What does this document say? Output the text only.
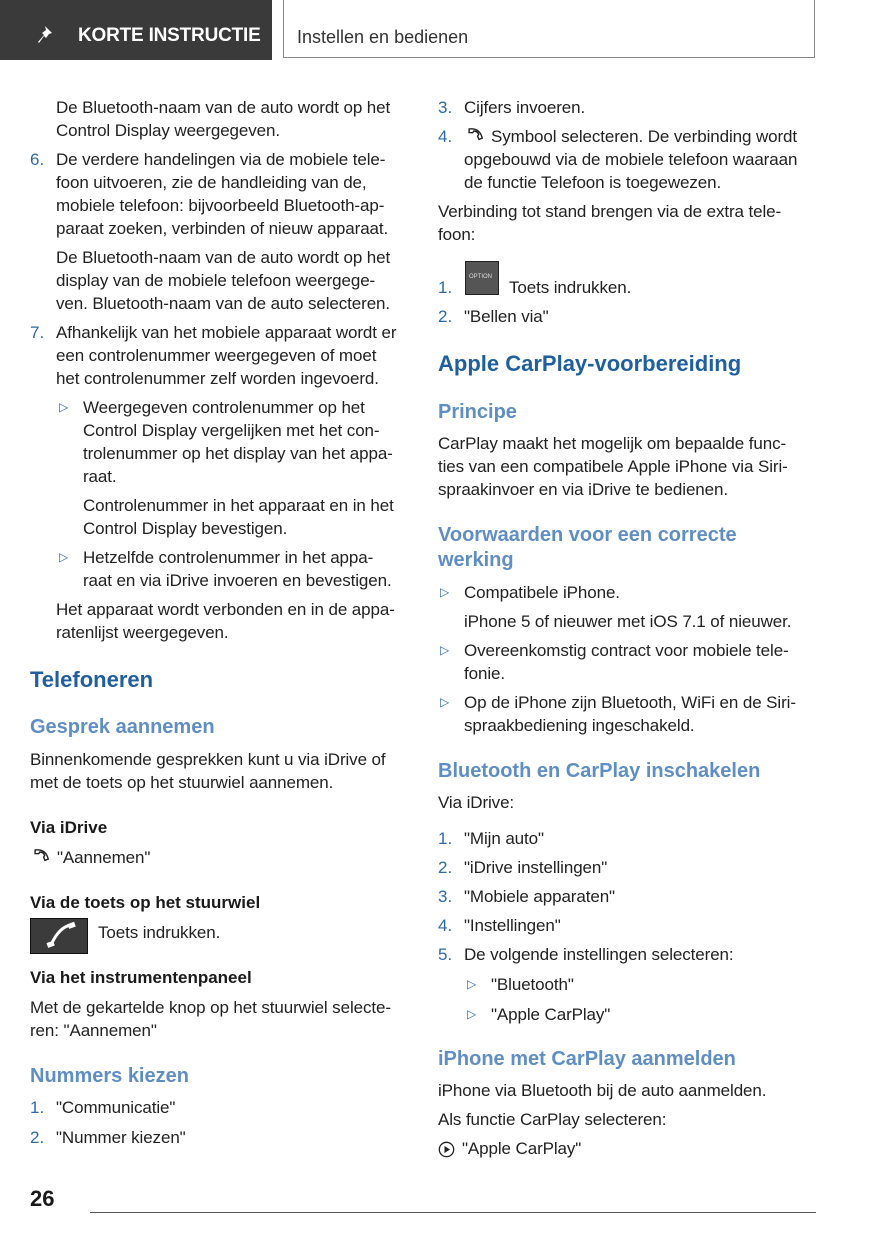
KORTE INSTRUCTIE Instellen en bedienen
De Bluetooth-naam van de auto wordt op het
Control Display weergegeven.
6. De verdere handelingen via de mobiele tele-
foon uitvoeren, zie de handleiding van de,
mobiele telefoon: bijvoorbeeld Bluetooth-ap-
paraat zoeken, verbinden of nieuw apparaat.
De Bluetooth-naam van de auto wordt op het
display van de mobiele telefoon weergege-
ven. Bluetooth-naam van de auto selecteren.
7. Afhankelijk van het mobiele apparaat wordt er
een controlenummer weergegeven of moet
het controlenummer zelf worden ingevoerd.
▷ Weergegeven controlenummer op het
Control Display vergelijken met het con-
trolenummer op het display van het appa-
raat.
Controlenummer in het apparaat en in het
Control Display bevestigen.
▷ Hetzelfde controlenummer in het appa-
raat en via iDrive invoeren en bevestigen.
Het apparaat wordt verbonden en in de appa-
ratenlijst weergegeven.
Telefoneren
Gesprek aannemen
Binnenkomende gesprekken kunt u via iDrive of
met de toets op het stuurwiel aannemen.
Via iDrive
"Aannemen"
Via de toets op het stuurwiel
Toets indrukken.
Via het instrumentenpaneel
Met de gekartelde knop op het stuurwiel selecte-
ren: "Aannemen"
Nummers kiezen
1. "Communicatie"
2. "Nummer kiezen"
3. Cijfers invoeren.
4.	Symbool selecteren. De verbinding wordt
opgebouwd via de mobiele telefoon waaraan
de functie Telefoon is toegewezen.
Verbinding tot stand brengen via de extra tele-
foon:
1.
OPTION
Toets indrukken.
2. "Bellen via"
Apple CarPlay-voorbereiding
Principe
CarPlay maakt het mogelijk om bepaalde func-
ties van een compatibele Apple iPhone via Siri-
spraakinvoer en via iDrive te bedienen.
Voorwaarden voor een correcte
werking
▷ Compatibele iPhone.
iPhone 5 of nieuwer met iOS 7.1 of nieuwer.
▷ Overeenkomstig contract voor mobiele tele-
fonie.
▷ Op de iPhone zijn Bluetooth, WiFi en de Siri-
spraakbediening ingeschakeld.
Bluetooth en CarPlay inschakelen
Via iDrive:
1. "Mijn auto"
2. "iDrive instellingen"
3. "Mobiele apparaten"
4. "Instellingen"
5. De volgende instellingen selecteren:
▷ "Bluetooth"
▷ "Apple CarPlay"
iPhone met CarPlay aanmelden
iPhone via Bluetooth bij de auto aanmelden.
Als functie CarPlay selecteren:
"Apple CarPlay"
26
